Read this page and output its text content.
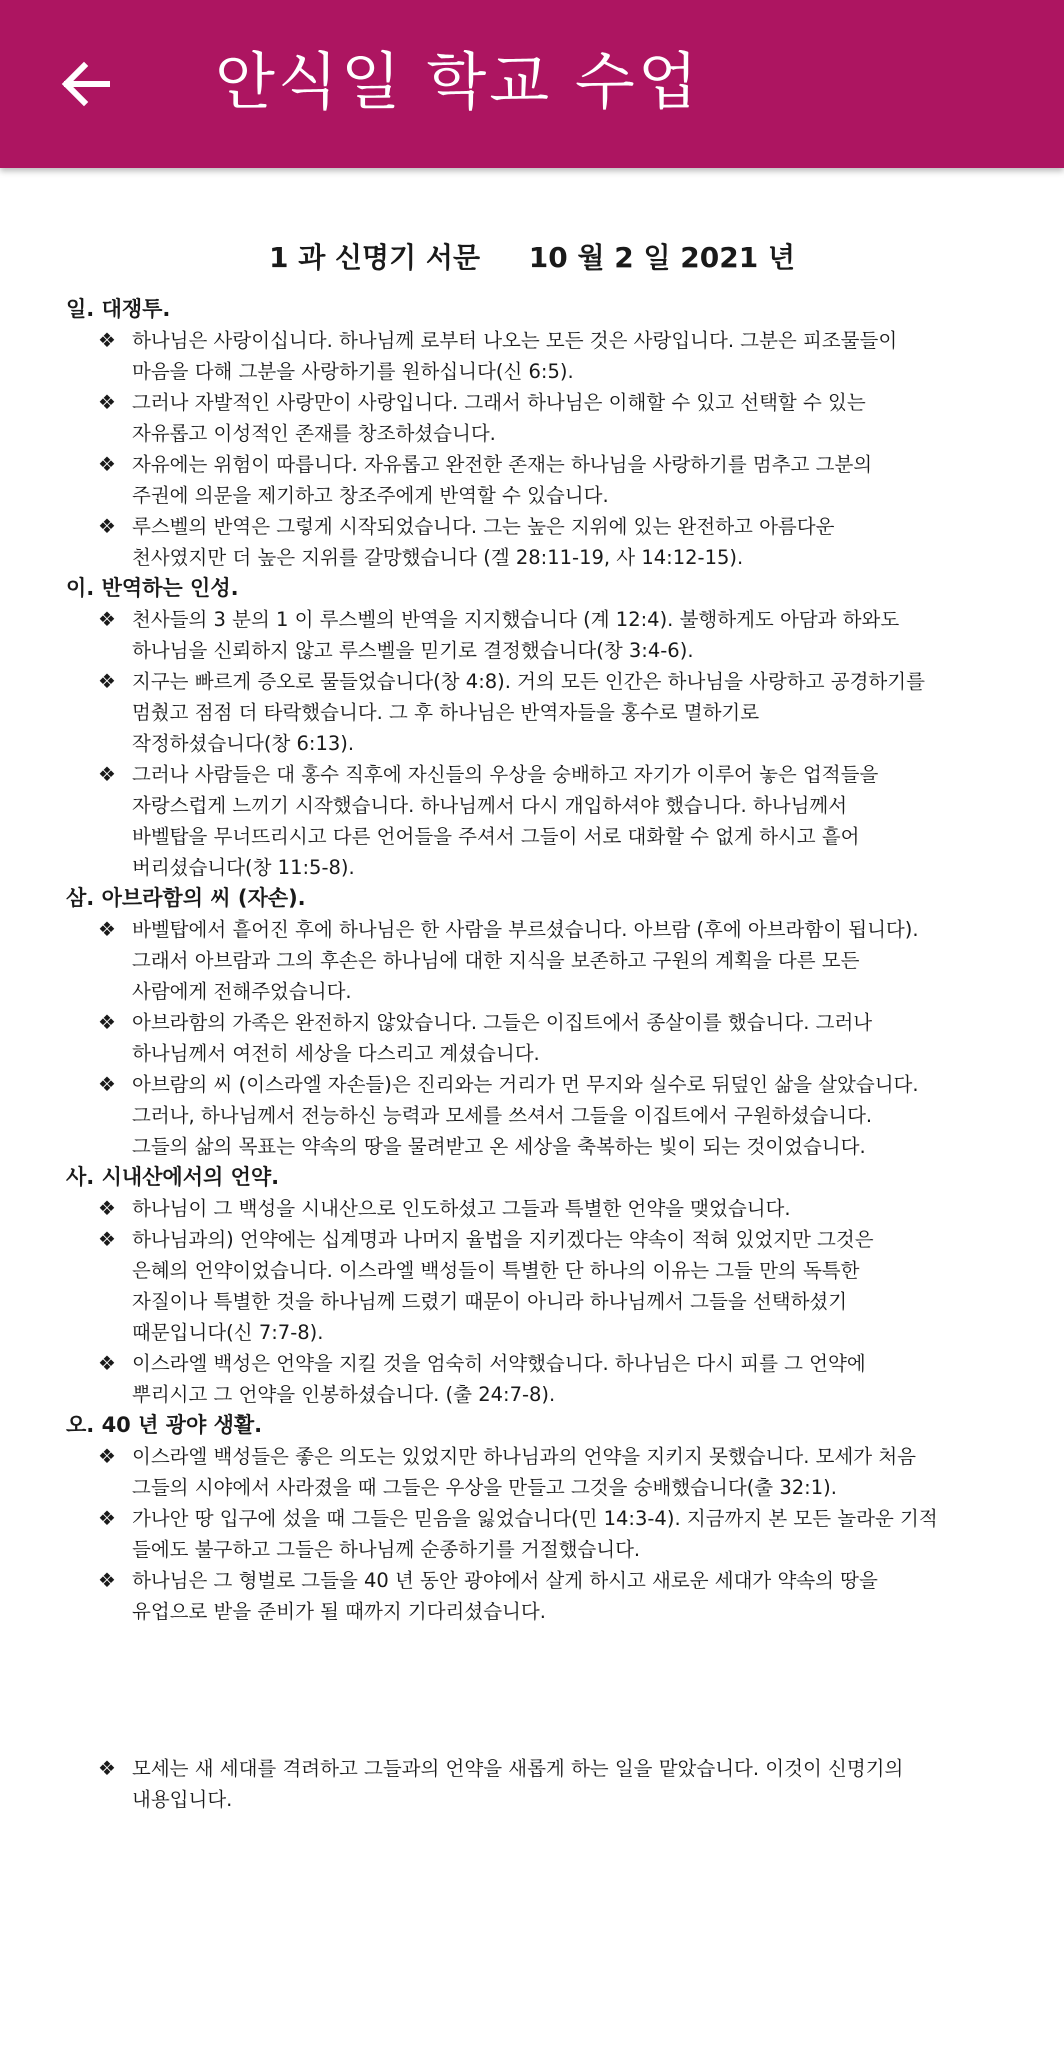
안식일 학교 수업
1 과 신명기 서문     10 월 2 일 2021 년
일. 대쟁투.
❖ 하나님은 사랑이십니다. 하나님께 로부터 나오는 모든 것은 사랑입니다. 그분은 피조물들이
마음을 다해 그분을 사랑하기를 원하십니다(신 6:5).
❖ 그러나 자발적인 사랑만이 사랑입니다. 그래서 하나님은 이해할 수 있고 선택할 수 있는
자유롭고 이성적인 존재를 창조하셨습니다.
❖ 자유에는 위험이 따릅니다. 자유롭고 완전한 존재는 하나님을 사랑하기를 멈추고 그분의
주권에 의문을 제기하고 창조주에게 반역할 수 있습니다.
❖ 루스벨의 반역은 그렇게 시작되었습니다. 그는 높은 지위에 있는 완전하고 아름다운
천사였지만 더 높은 지위를 갈망했습니다 (겔 28:11-19, 사 14:12-15).
이. 반역하는 인성.
❖ 천사들의 3 분의 1 이 루스벨의 반역을 지지했습니다 (계 12:4). 불행하게도 아담과 하와도
하나님을 신뢰하지 않고 루스벨을 믿기로 결정했습니다(창 3:4-6).
❖ 지구는 빠르게 증오로 물들었습니다(창 4:8). 거의 모든 인간은 하나님을 사랑하고 공경하기를
멈췄고 점점 더 타락했습니다. 그 후 하나님은 반역자들을 홍수로 멸하기로
작정하셨습니다(창 6:13).
❖ 그러나 사람들은 대 홍수 직후에 자신들의 우상을 숭배하고 자기가 이루어 놓은 업적들을
자랑스럽게 느끼기 시작했습니다. 하나님께서 다시 개입하셔야 했습니다. 하나님께서
바벨탑을 무너뜨리시고 다른 언어들을 주셔서 그들이 서로 대화할 수 없게 하시고 흩어
버리셨습니다(창 11:5-8).
삼. 아브라함의 씨 (자손).
❖ 바벨탑에서 흩어진 후에 하나님은 한 사람을 부르셨습니다. 아브람 (후에 아브라함이 됩니다).
그래서 아브람과 그의 후손은 하나님에 대한 지식을 보존하고 구원의 계획을 다른 모든
사람에게 전해주었습니다.
❖ 아브라함의 가족은 완전하지 않았습니다. 그들은 이집트에서 종살이를 했습니다. 그러나
하나님께서 여전히 세상을 다스리고 계셨습니다.
❖ 아브람의 씨 (이스라엘 자손들)은 진리와는 거리가 먼 무지와 실수로 뒤덮인 삶을 살았습니다.
그러나, 하나님께서 전능하신 능력과 모세를 쓰셔서 그들을 이집트에서 구원하셨습니다.
그들의 삶의 목표는 약속의 땅을 물려받고 온 세상을 축복하는 빛이 되는 것이었습니다.
사. 시내산에서의 언약.
❖ 하나님이 그 백성을 시내산으로 인도하셨고 그들과 특별한 언약을 맺었습니다.
❖ 하나님과의) 언약에는 십계명과 나머지 율법을 지키겠다는 약속이 적혀 있었지만 그것은
은혜의 언약이었습니다. 이스라엘 백성들이 특별한 단 하나의 이유는 그들 만의 독특한
자질이나 특별한 것을 하나님께 드렸기 때문이 아니라 하나님께서 그들을 선택하셨기
때문입니다(신 7:7-8).
❖ 이스라엘 백성은 언약을 지킬 것을 엄숙히 서약했습니다. 하나님은 다시 피를 그 언약에
뿌리시고 그 언약을 인봉하셨습니다. (출 24:7-8).
오. 40 년 광야 생활.
❖ 이스라엘 백성들은 좋은 의도는 있었지만 하나님과의 언약을 지키지 못했습니다. 모세가 처음
그들의 시야에서 사라졌을 때 그들은 우상을 만들고 그것을 숭배했습니다(출 32:1).
❖ 가나안 땅 입구에 섰을 때 그들은 믿음을 잃었습니다(민 14:3-4). 지금까지 본 모든 놀라운 기적
들에도 불구하고 그들은 하나님께 순종하기를 거절했습니다.
❖ 하나님은 그 형벌로 그들을 40 년 동안 광야에서 살게 하시고 새로운 세대가 약속의 땅을
유업으로 받을 준비가 될 때까지 기다리셨습니다.
❖ 모세는 새 세대를 격려하고 그들과의 언약을 새롭게 하는 일을 맡았습니다. 이것이 신명기의
내용입니다.
